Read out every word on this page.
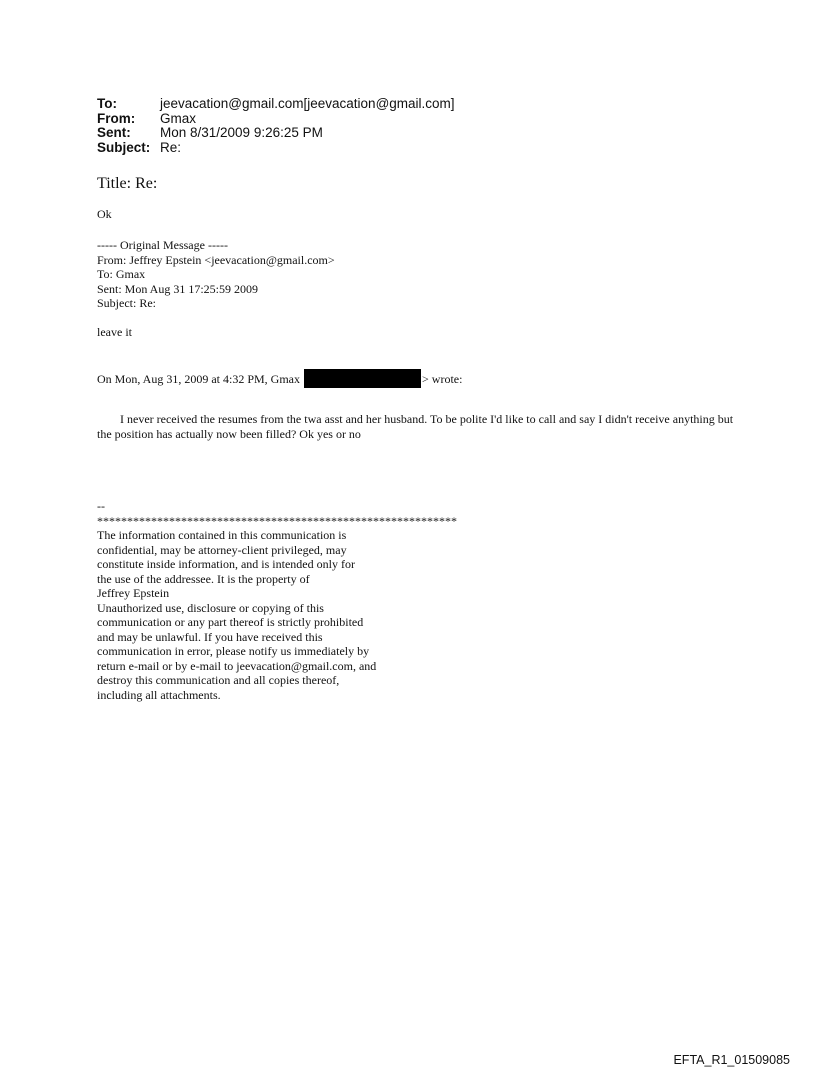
To:	jeevacation@gmail.com[jeevacation@gmail.com]
From:	Gmax
Sent:	Mon 8/31/2009 9:26:25 PM
Subject: Re:
Title: Re:
Ok
----- Original Message -----
From: Jeffrey Epstein <jeevacation@gmail.com>
To: Gmax
Sent: Mon Aug 31 17:25:59 2009
Subject: Re:
leave it
On Mon, Aug 31, 2009 at 4:32 PM, Gmax	> wrote:
I never received the resumes from the twa asst and her husband. To be polite I'd like to call and say I didn't receive anything but the position has actually now been filled? Ok yes or no
--
************************************************************
The information contained in this communication is
confidential, may be attorney-client privileged, may
constitute inside information, and is intended only for
the use of the addressee. It is the property of
Jeffrey Epstein
Unauthorized use, disclosure or copying of this
communication or any part thereof is strictly prohibited
and may be unlawful. If you have received this
communication in error, please notify us immediately by
return e-mail or by e-mail to jeevacation@gmail.com, and
destroy this communication and all copies thereof,
including all attachments.
EFTA_R1_01509085
